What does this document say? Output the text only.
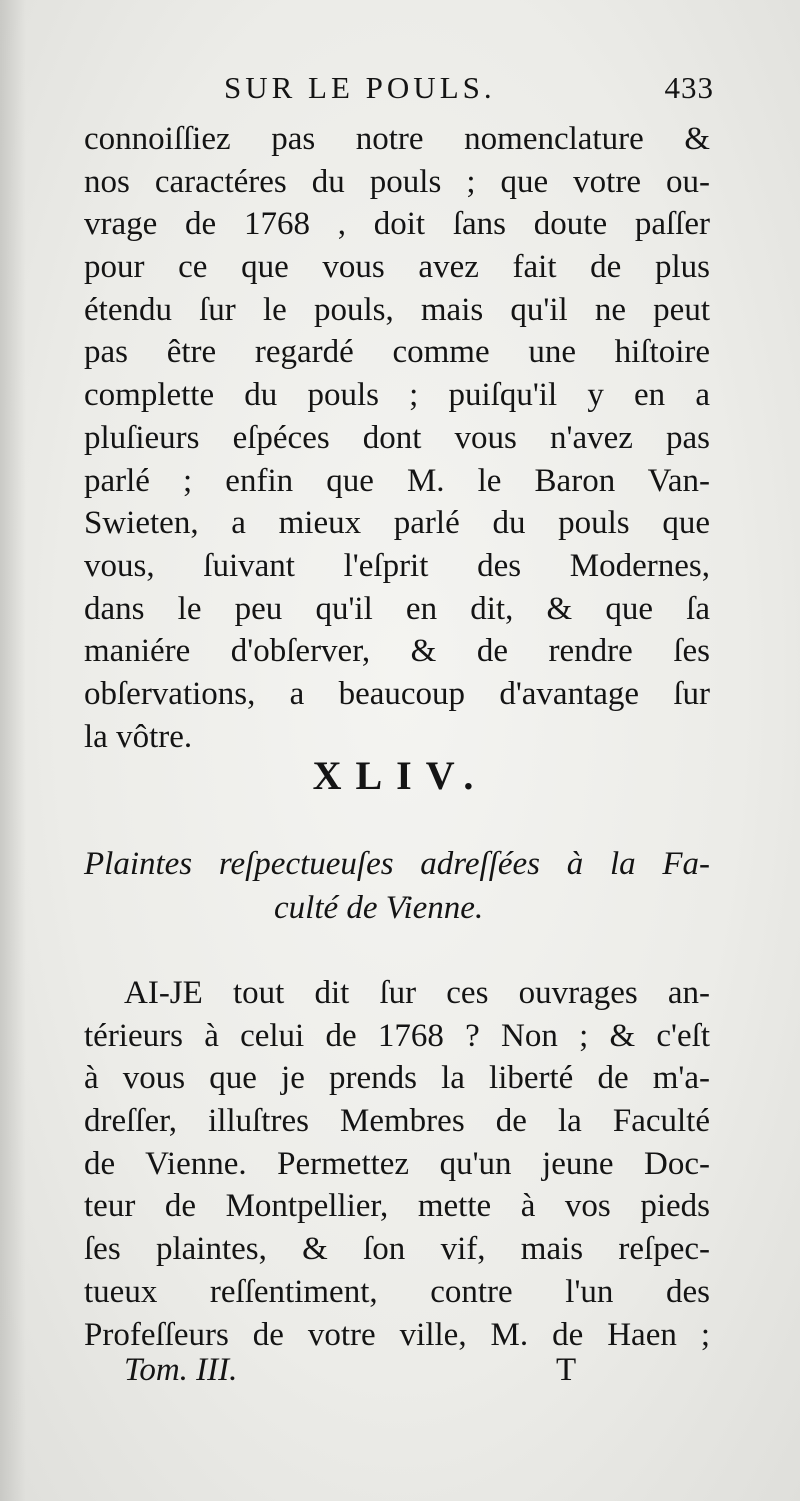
SUR LE POULS.	433
connoiſſiez pas notre nomenclature &
nos caractéres du pouls ; que votre ou-
vrage de 1768 , doit ſans doute paſſer
pour ce que vous avez fait de plus
étendu ſur le pouls, mais qu'il ne peut
pas être regardé comme une hiſtoire
complette du pouls ; puiſqu'il y en a
pluſieurs eſpéces dont vous n'avez pas
parlé ; enfin que M. le Baron Van-
Swieten, a mieux parlé du pouls que
vous, ſuivant l'eſprit des Modernes,
dans le peu qu'il en dit, & que ſa
maniére d'obſerver, & de rendre ſes
obſervations, a beaucoup d'avantage ſur
la vôtre.
XLIV.
Plaintes reſpectueuſes adreſſées à la Fa-
culté de Vienne.
AI-JE tout dit ſur ces ouvrages an-
térieurs à celui de 1768 ? Non ; & c'eſt
à vous que je prends la liberté de m'a-
dreſſer, illuſtres Membres de la Faculté
de Vienne. Permettez qu'un jeune Doc-
teur de Montpellier, mette à vos pieds
ſes plaintes, & ſon vif, mais reſpec-
tueux reſſentiment, contre l'un des
Profeſſeurs de votre ville, M. de Haen ;
Tom. III.	T
